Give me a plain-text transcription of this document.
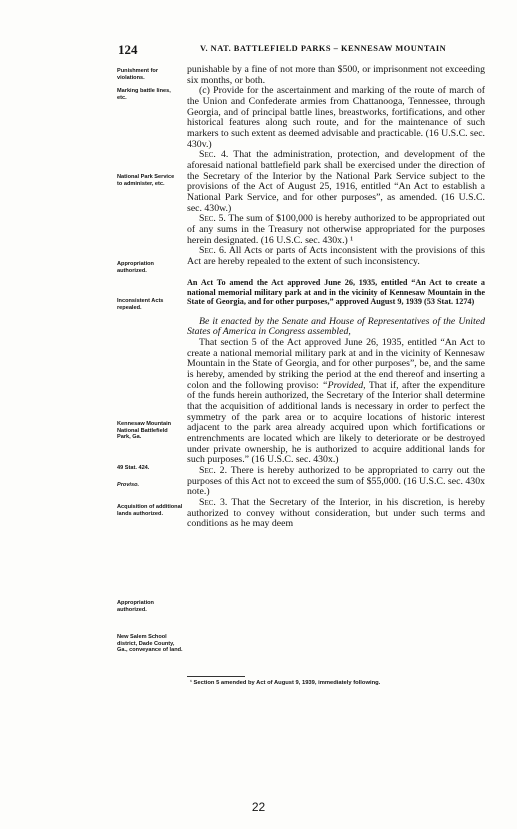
124	V. NAT. BATTLEFIELD PARKS – KENNESAW MOUNTAIN
Punishment for violations.
Marking battle lines, etc.
National Park Service to administer, etc.
Appropriation authorized.
Inconsistent Acts repealed.
Kennesaw Mountain National Battlefield Park, Ga.
49 Stat. 424.
Proviso.
Acquisition of additional lands authorized.
Appropriation authorized.
New Salem School district, Dade County, Ga., conveyance of land.

punishable by a fine of not more than $500, or imprisonment not exceeding six months, or both.

(c) Provide for the ascertainment and marking of the route of march of the Union and Confederate armies from Chattanooga, Tennessee, through Georgia, and of principal battle lines, breastworks, fortifications, and other historical features along such route, and for the maintenance of such markers to such extent as deemed advisable and practicable. (16 U.S.C. sec. 430v.)

Sec. 4. That the administration, protection, and development of the aforesaid national battlefield park shall be exercised under the direction of the Secretary of the Interior by the National Park Service subject to the provisions of the Act of August 25, 1916, entitled “An Act to establish a National Park Service, and for other purposes”, as amended. (16 U.S.C. sec. 430w.)

Sec. 5. The sum of $100,000 is hereby authorized to be appropriated out of any sums in the Treasury not otherwise appropriated for the purposes herein designated. (16 U.S.C. sec. 430x.) ¹

Sec. 6. All Acts or parts of Acts inconsistent with the provisions of this Act are hereby repealed to the extent of such inconsistency.

An Act To amend the Act approved June 26, 1935, entitled “An Act to create a national memorial military park at and in the vicinity of Kennesaw Mountain in the State of Georgia, and for other purposes,” approved August 9, 1939 (53 Stat. 1274)

Be it enacted by the Senate and House of Representatives of the United States of America in Congress assembled,

That section 5 of the Act approved June 26, 1935, entitled “An Act to create a national memorial military park at and in the vicinity of Kennesaw Mountain in the State of Georgia, and for other purposes”, be, and the same is hereby, amended by striking the period at the end thereof and inserting a colon and the following proviso: “Provided, That if, after the expenditure of the funds herein authorized, the Secretary of the Interior shall determine that the acquisition of additional lands is necessary in order to perfect the symmetry of the park area or to acquire locations of historic interest adjacent to the park area already acquired upon which fortifications or entrenchments are located which are likely to deteriorate or be destroyed under private ownership, he is authorized to acquire additional lands for such purposes.” (16 U.S.C. sec. 430x.)

Sec. 2. There is hereby authorized to be appropriated to carry out the purposes of this Act not to exceed the sum of $55,000. (16 U.S.C. sec. 430x note.)

Sec. 3. That the Secretary of the Interior, in his discretion, is hereby authorized to convey without consideration, but under such terms and conditions as he may deem

¹ Section 5 amended by Act of August 9, 1939, immediately following.
22
